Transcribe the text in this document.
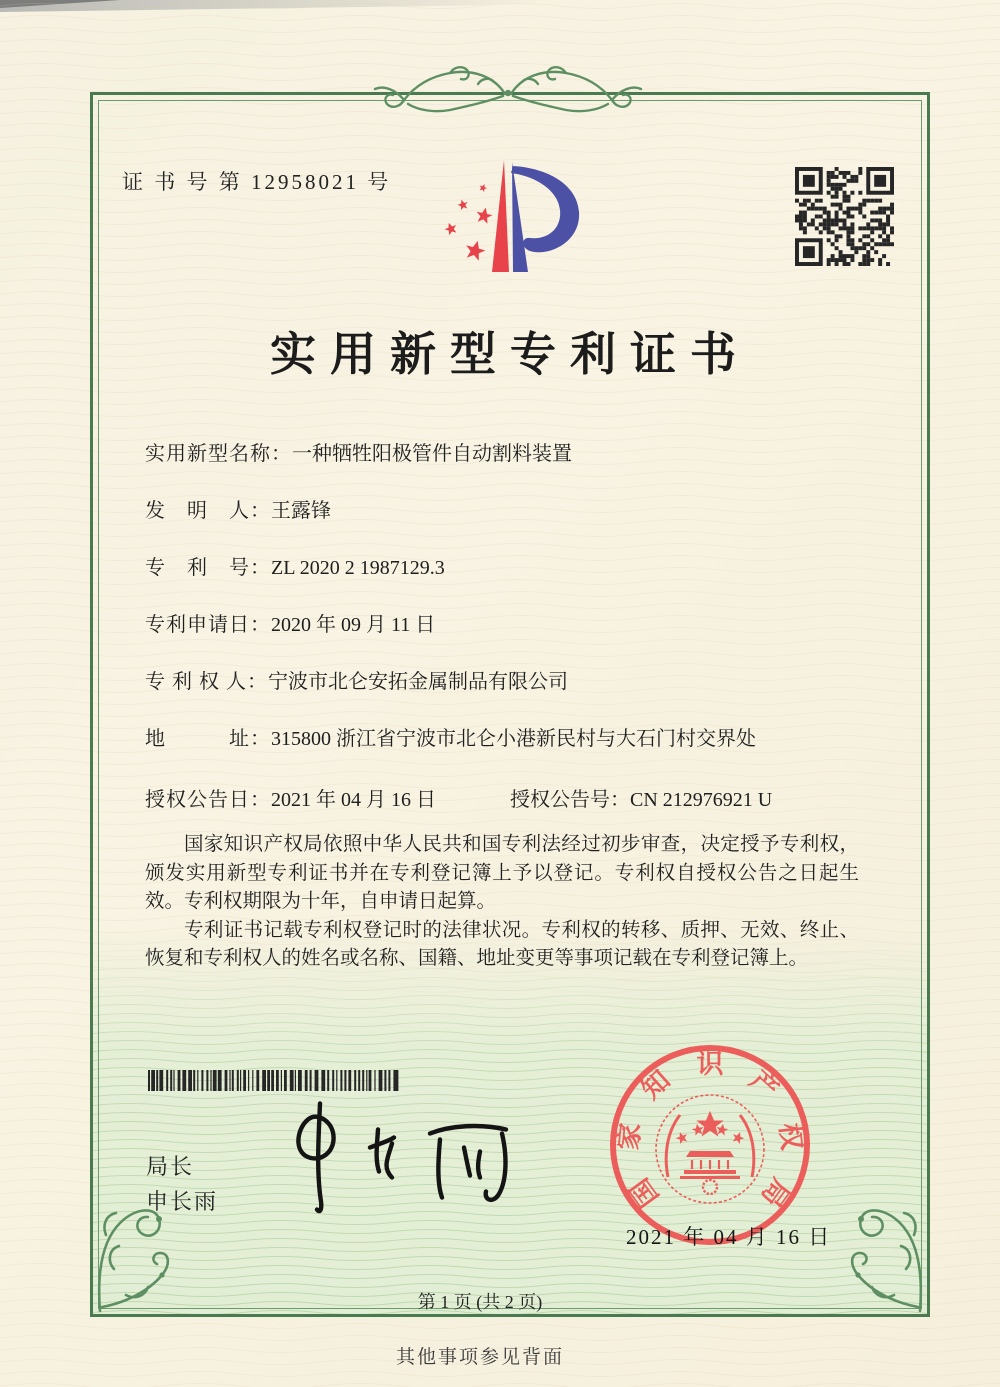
证 书 号 第 12958021 号
实用新型专利证书
实用新型名称：一种牺牲阳极管件自动割料装置
发　明　人：王露锋
专　利　号：ZL 2020 2 1987129.3
专利申请日：2020 年 09 月 11 日
专 利 权 人：宁波市北仑安拓金属制品有限公司
地　　　址：315800 浙江省宁波市北仑小港新民村与大石门村交界处
授权公告日：2021 年 04 月 16 日	授权公告号：CN 212976921 U

国家知识产权局依照中华人民共和国专利法经过初步审查，决定授予专利权，颁发实用新型专利证书并在专利登记簿上予以登记。专利权自授权公告之日起生效。专利权期限为十年，自申请日起算。

专利证书记载专利权登记时的法律状况。专利权的转移、质押、无效、终止、恢复和专利权人的姓名或名称、国籍、地址变更等事项记载在专利登记簿上。

局长
申长雨	国
家
知
识
产
权
局
2021 年 04 月 16 日
第 1 页 (共 2 页)
其他事项参见背面
